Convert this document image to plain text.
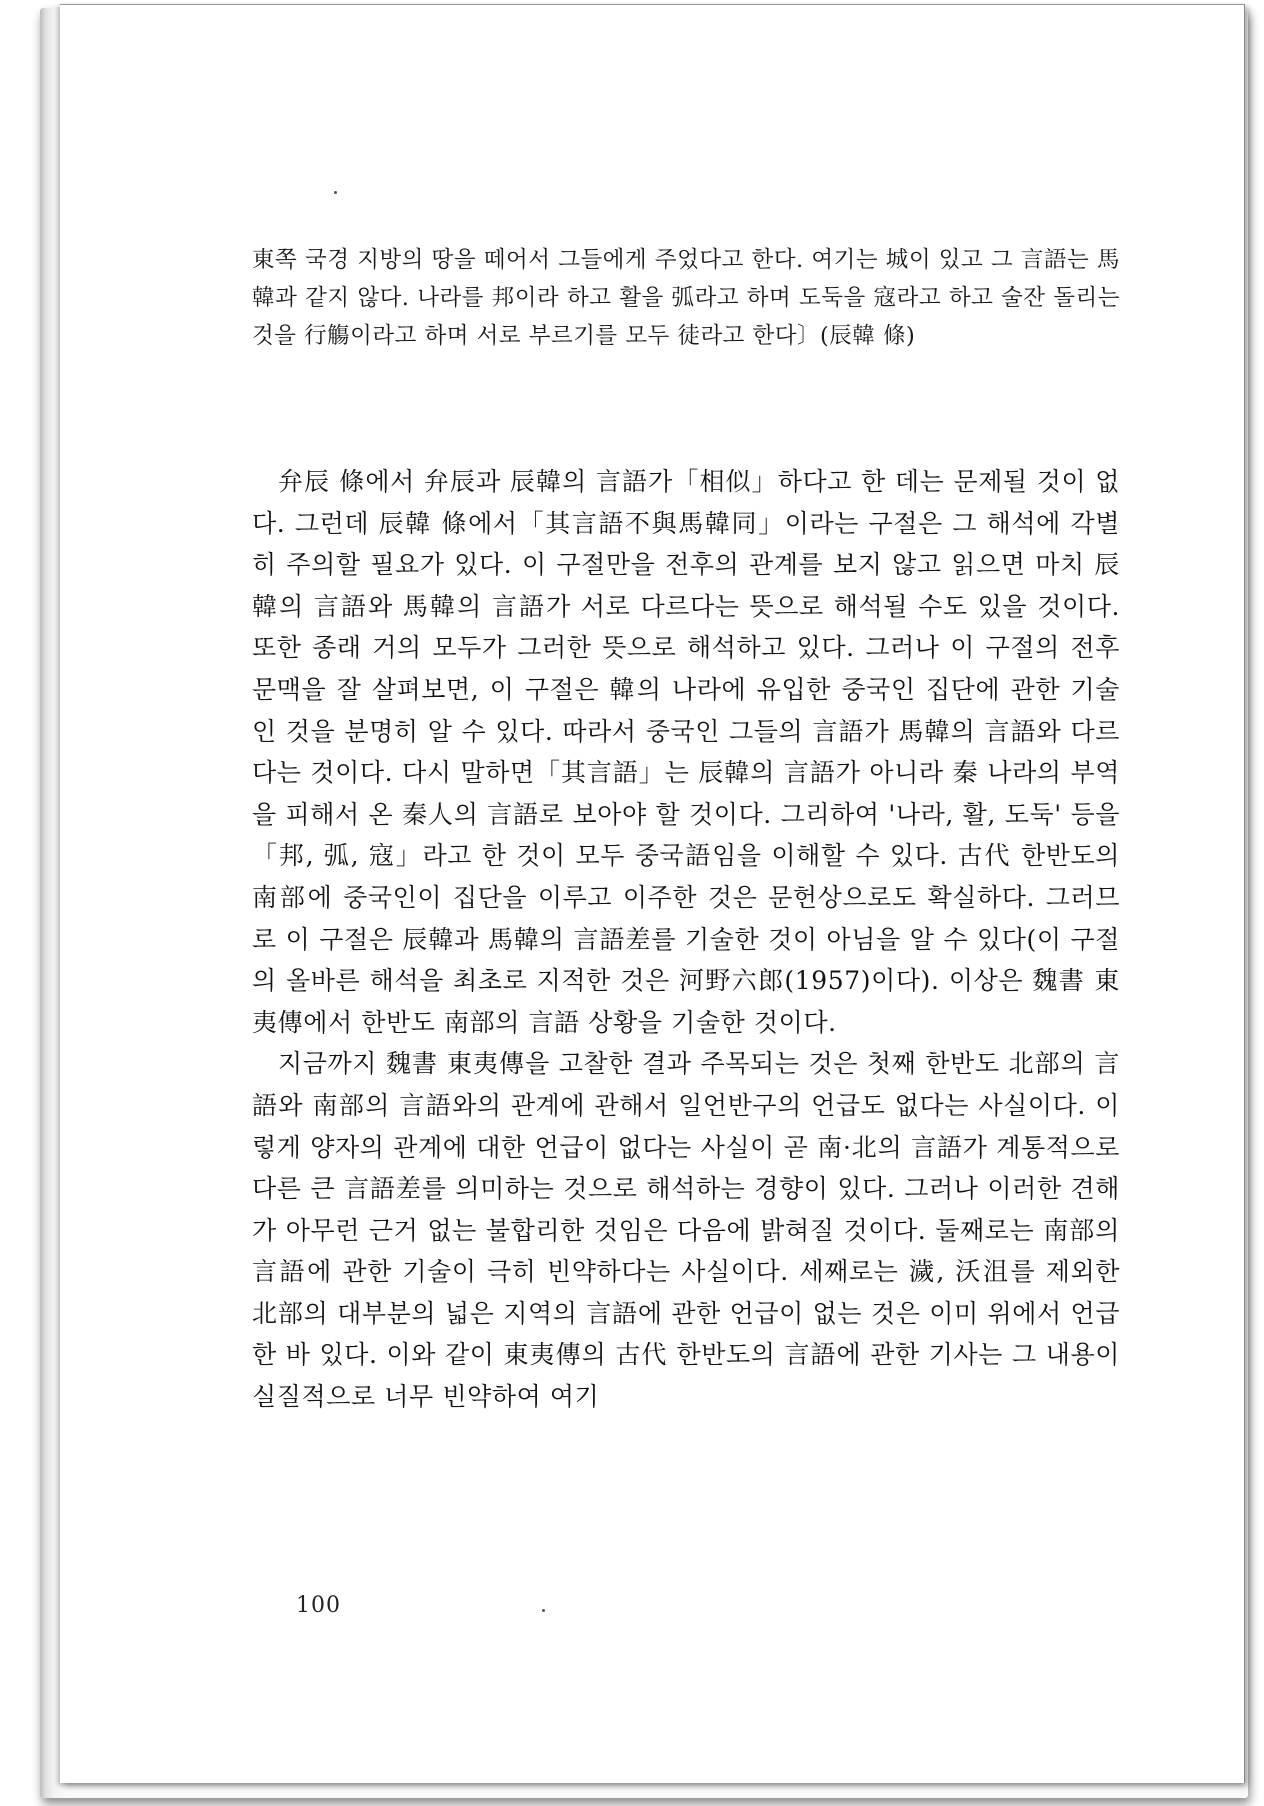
東쪽 국경 지방의 땅을 떼어서 그들에게 주었다고 한다. 여기는 城이 있고 그 言語는 馬韓과 같지 않다. 나라를 邦이라 하고 활을 弧라고 하며 도둑을 寇라고 하고 술잔 돌리는 것을 行觴이라고 하며 서로 부르기를 모두 徒라고 한다〕(辰韓 條)

弁辰 條에서 弁辰과 辰韓의 言語가「相似」하다고 한 데는 문제될 것이 없다. 그런데 辰韓 條에서「其言語不與馬韓同」이라는 구절은 그 해석에 각별히 주의할 필요가 있다. 이 구절만을 전후의 관계를 보지 않고 읽으면 마치 辰韓의 言語와 馬韓의 言語가 서로 다르다는 뜻으로 해석될 수도 있을 것이다. 또한 종래 거의 모두가 그러한 뜻으로 해석하고 있다. 그러나 이 구절의 전후 문맥을 잘 살펴보면, 이 구절은 韓의 나라에 유입한 중국인 집단에 관한 기술인 것을 분명히 알 수 있다. 따라서 중국인 그들의 言語가 馬韓의 言語와 다르다는 것이다. 다시 말하면「其言語」는 辰韓의 言語가 아니라 秦 나라의 부역을 피해서 온 秦人의 言語로 보아야 할 것이다. 그리하여 '나라, 활, 도둑' 등을「邦, 弧, 寇」라고 한 것이 모두 중국語임을 이해할 수 있다. 古代 한반도의 南部에 중국인이 집단을 이루고 이주한 것은 문헌상으로도 확실하다. 그러므로 이 구절은 辰韓과 馬韓의 言語差를 기술한 것이 아님을 알 수 있다(이 구절의 올바른 해석을 최초로 지적한 것은 河野六郎(1957)이다). 이상은 魏書 東夷傳에서 한반도 南部의 言語 상황을 기술한 것이다.

지금까지 魏書 東夷傳을 고찰한 결과 주목되는 것은 첫째 한반도 北部의 言語와 南部의 言語와의 관계에 관해서 일언반구의 언급도 없다는 사실이다. 이렇게 양자의 관계에 대한 언급이 없다는 사실이 곧 南·北의 言語가 계통적으로 다른 큰 言語差를 의미하는 것으로 해석하는 경향이 있다. 그러나 이러한 견해가 아무런 근거 없는 불합리한 것임은 다음에 밝혀질 것이다. 둘째로는 南部의 言語에 관한 기술이 극히 빈약하다는 사실이다. 세째로는 濊, 沃沮를 제외한 北部의 대부분의 넓은 지역의 言語에 관한 언급이 없는 것은 이미 위에서 언급한 바 있다. 이와 같이 東夷傳의 古代 한반도의 言語에 관한 기사는 그 내용이 실질적으로 너무 빈약하여 여기

100
